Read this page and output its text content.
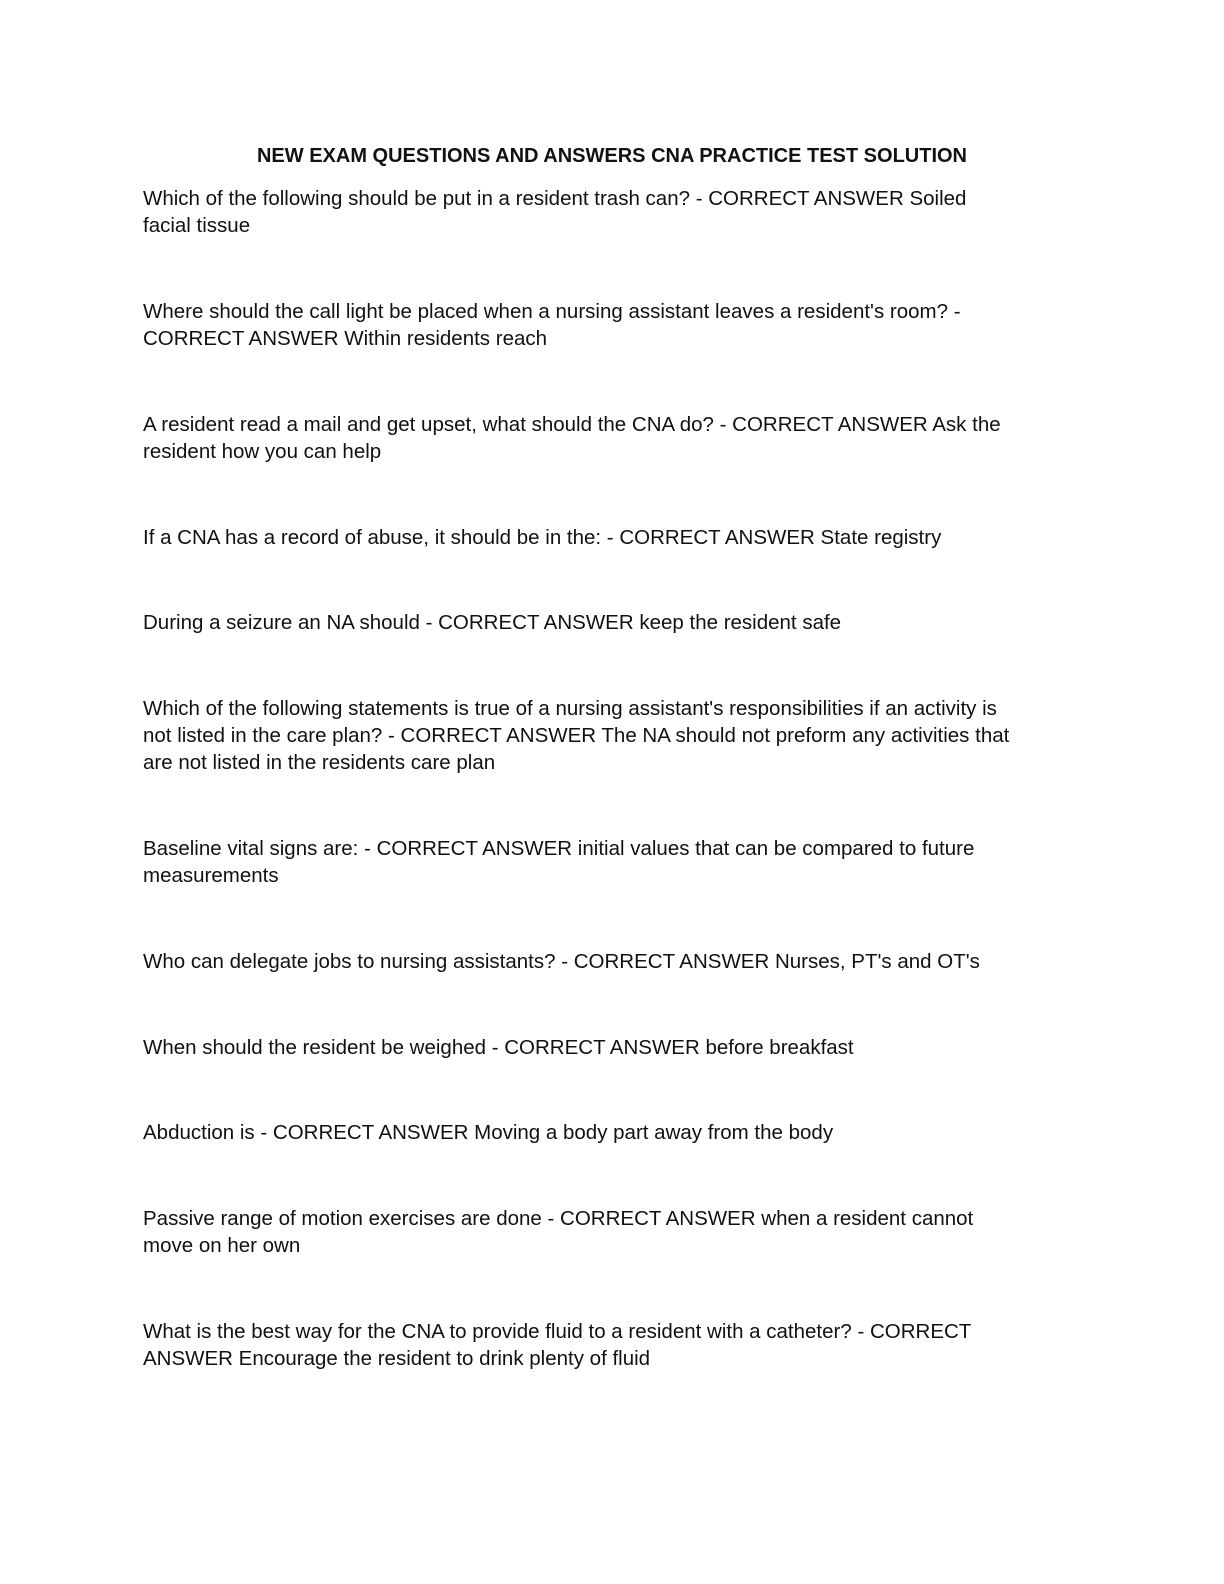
NEW EXAM QUESTIONS AND ANSWERS CNA PRACTICE TEST SOLUTION
Which of the following should be put in a resident trash can? - CORRECT ANSWER Soiled
facial tissue
Where should the call light be placed when a nursing assistant leaves a resident's room? -
CORRECT ANSWER Within residents reach
A resident read a mail and get upset, what should the CNA do? - CORRECT ANSWER Ask the
resident how you can help
If a CNA has a record of abuse, it should be in the: - CORRECT ANSWER State registry
During a seizure an NA should - CORRECT ANSWER keep the resident safe
Which of the following statements is true of a nursing assistant's responsibilities if an activity is
not listed in the care plan? - CORRECT ANSWER The NA should not preform any activities that
are not listed in the residents care plan
Baseline vital signs are: - CORRECT ANSWER initial values that can be compared to future
measurements
Who can delegate jobs to nursing assistants? - CORRECT ANSWER Nurses, PT's and OT's
When should the resident be weighed - CORRECT ANSWER before breakfast
Abduction is - CORRECT ANSWER Moving a body part away from the body
Passive range of motion exercises are done - CORRECT ANSWER when a resident cannot
move on her own
What is the best way for the CNA to provide fluid to a resident with a catheter? - CORRECT
ANSWER Encourage the resident to drink plenty of fluid
